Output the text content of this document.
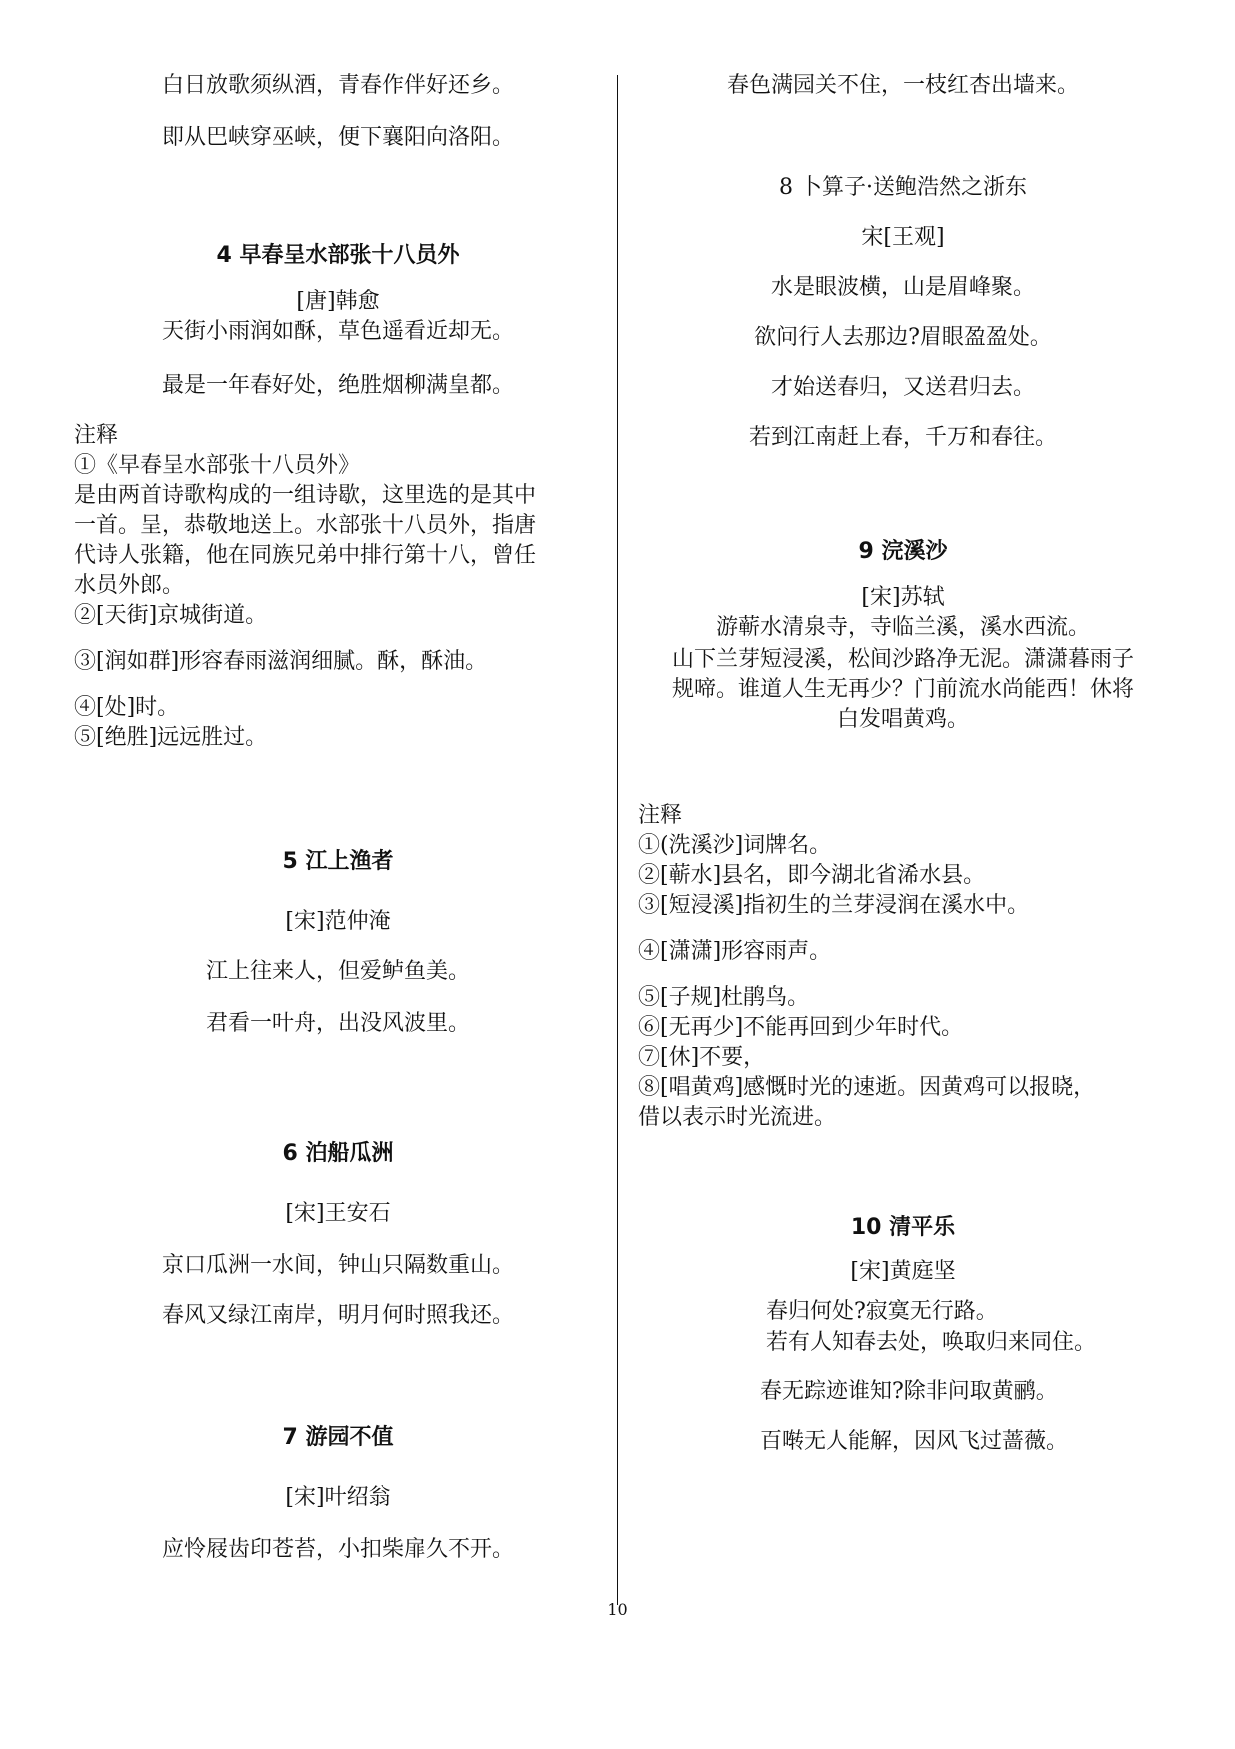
白日放歌须纵酒，青春作伴好还乡。

即从巴峡穿巫峡，便下襄阳向洛阳。

4 早春呈水部张十八员外

[唐]韩愈

天街小雨润如酥，草色遥看近却无。

最是一年春好处，绝胜烟柳满皇都。

注释

①《早春呈水部张十八员外》

是由两首诗歌构成的一组诗歇，这里选的是其中

一首。呈，恭敬地送上。水部张十八员外，指唐

代诗人张籍，他在同族兄弟中排行第十八，曾任

水员外郎。

②[天街]京城街道。

③[润如群]形容春雨滋润细腻。酥，酥油。

④[处]时。

⑤[绝胜]远远胜过。

5 江上渔者

[宋]范仲淹

江上往来人，但爱鲈鱼美。

君看一叶舟，出没风波里。

6 泊船瓜洲

[宋]王安石

京口瓜洲一水间，钟山只隔数重山。

春风又绿江南岸，明月何时照我还。

7 游园不值

[宋]叶绍翁

应怜屐齿印苍苔，小扣柴扉久不开。

春色满园关不住，一枝红杏出墙来。

8 卜算子·送鲍浩然之浙东

宋[王观]

水是眼波横，山是眉峰聚。

欲问行人去那边?眉眼盈盈处。

才始送春归，又送君归去。

若到江南赶上春，千万和春往。

9 浣溪沙

[宋]苏轼

游蕲水清泉寺，寺临兰溪，溪水西流。

山下兰芽短浸溪，松间沙路净无泥。潇潇暮雨子

规啼。谁道人生无再少？门前流水尚能西！休将

白发唱黄鸡。

注释

①(洗溪沙]词牌名。

②[蕲水]县名，即今湖北省浠水县。

③[短浸溪]指初生的兰芽浸润在溪水中。

④[潇潇]形容雨声。

⑤[子规]杜鹃鸟。

⑥[无再少]不能再回到少年时代。

⑦[休]不要，

⑧[唱黄鸡]感慨时光的速逝。因黄鸡可以报晓，

借以表示时光流进。

10 清平乐

[宋]黄庭坚

春归何处?寂寞无行路。
若有人知春去处，唤取归来同住。

春无踪迹谁知?除非问取黄鹂。

百啭无人能解，因风飞过蔷薇。

10
